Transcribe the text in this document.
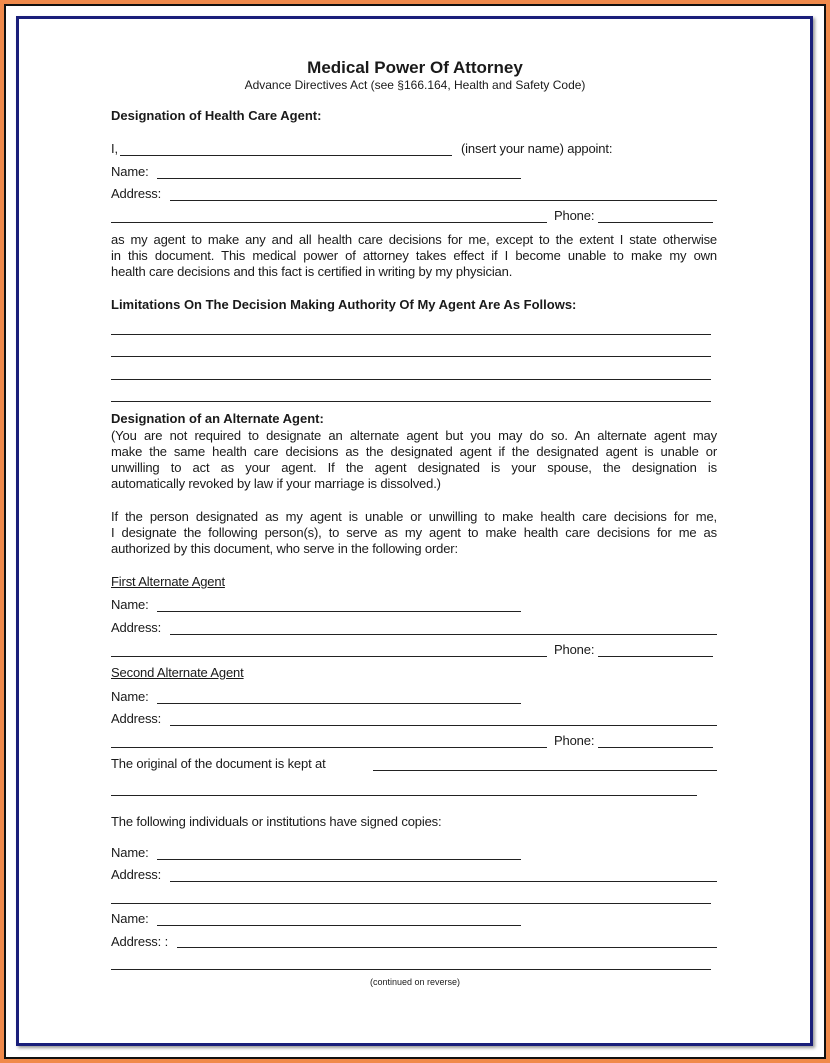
Medical Power Of Attorney
Advance Directives Act (see §166.164, Health and Safety Code)
Designation of Health Care Agent:
I,	(insert your name) appoint:
Name:
Address:
Phone:
as my agent to make any and all health care decisions for me, except to the extent I state otherwise
in this document. This medical power of attorney takes effect if I become unable to make my own
health care decisions and this fact is certified in writing by my physician.
Limitations On The Decision Making Authority Of My Agent Are As Follows:
Designation of an Alternate Agent:
(You are not required to designate an alternate agent but you may do so. An alternate agent may
make the same health care decisions as the designated agent if the designated agent is unable or
unwilling to act as your agent. If the agent designated is your spouse, the designation is
automatically revoked by law if your marriage is dissolved.)
If the person designated as my agent is unable or unwilling to make health care decisions for me,
I designate the following person(s), to serve as my agent to make health care decisions for me as
authorized by this document, who serve in the following order:
First Alternate Agent
Name:
Address:
Phone:
Second Alternate Agent
Name:
Address:
Phone:
The original of the document is kept at
The following individuals or institutions have signed copies:
Name:
Address:
Name:
Address: :
(continued on reverse)
